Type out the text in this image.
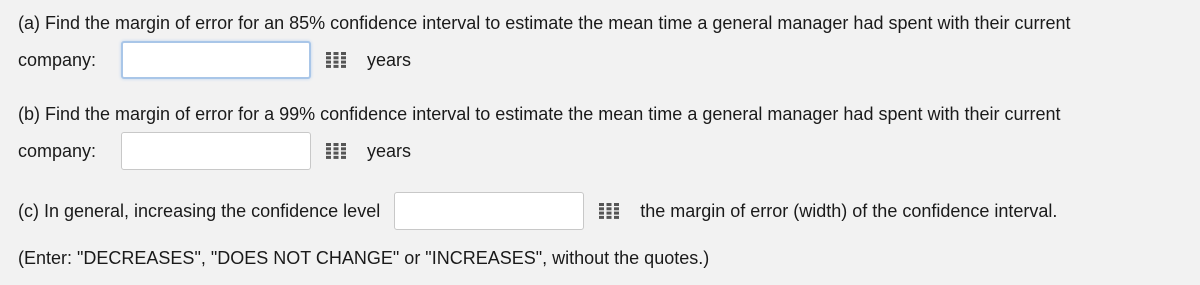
(a) Find the margin of error for an 85% confidence interval to estimate the mean time a general manager had spent with their current
company:	years
(b) Find the margin of error for a 99% confidence interval to estimate the mean time a general manager had spent with their current
company:	years
(c) In general, increasing the confidence level	the margin of error (width) of the confidence interval.
(Enter: "DECREASES", "DOES NOT CHANGE" or "INCREASES", without the quotes.)
